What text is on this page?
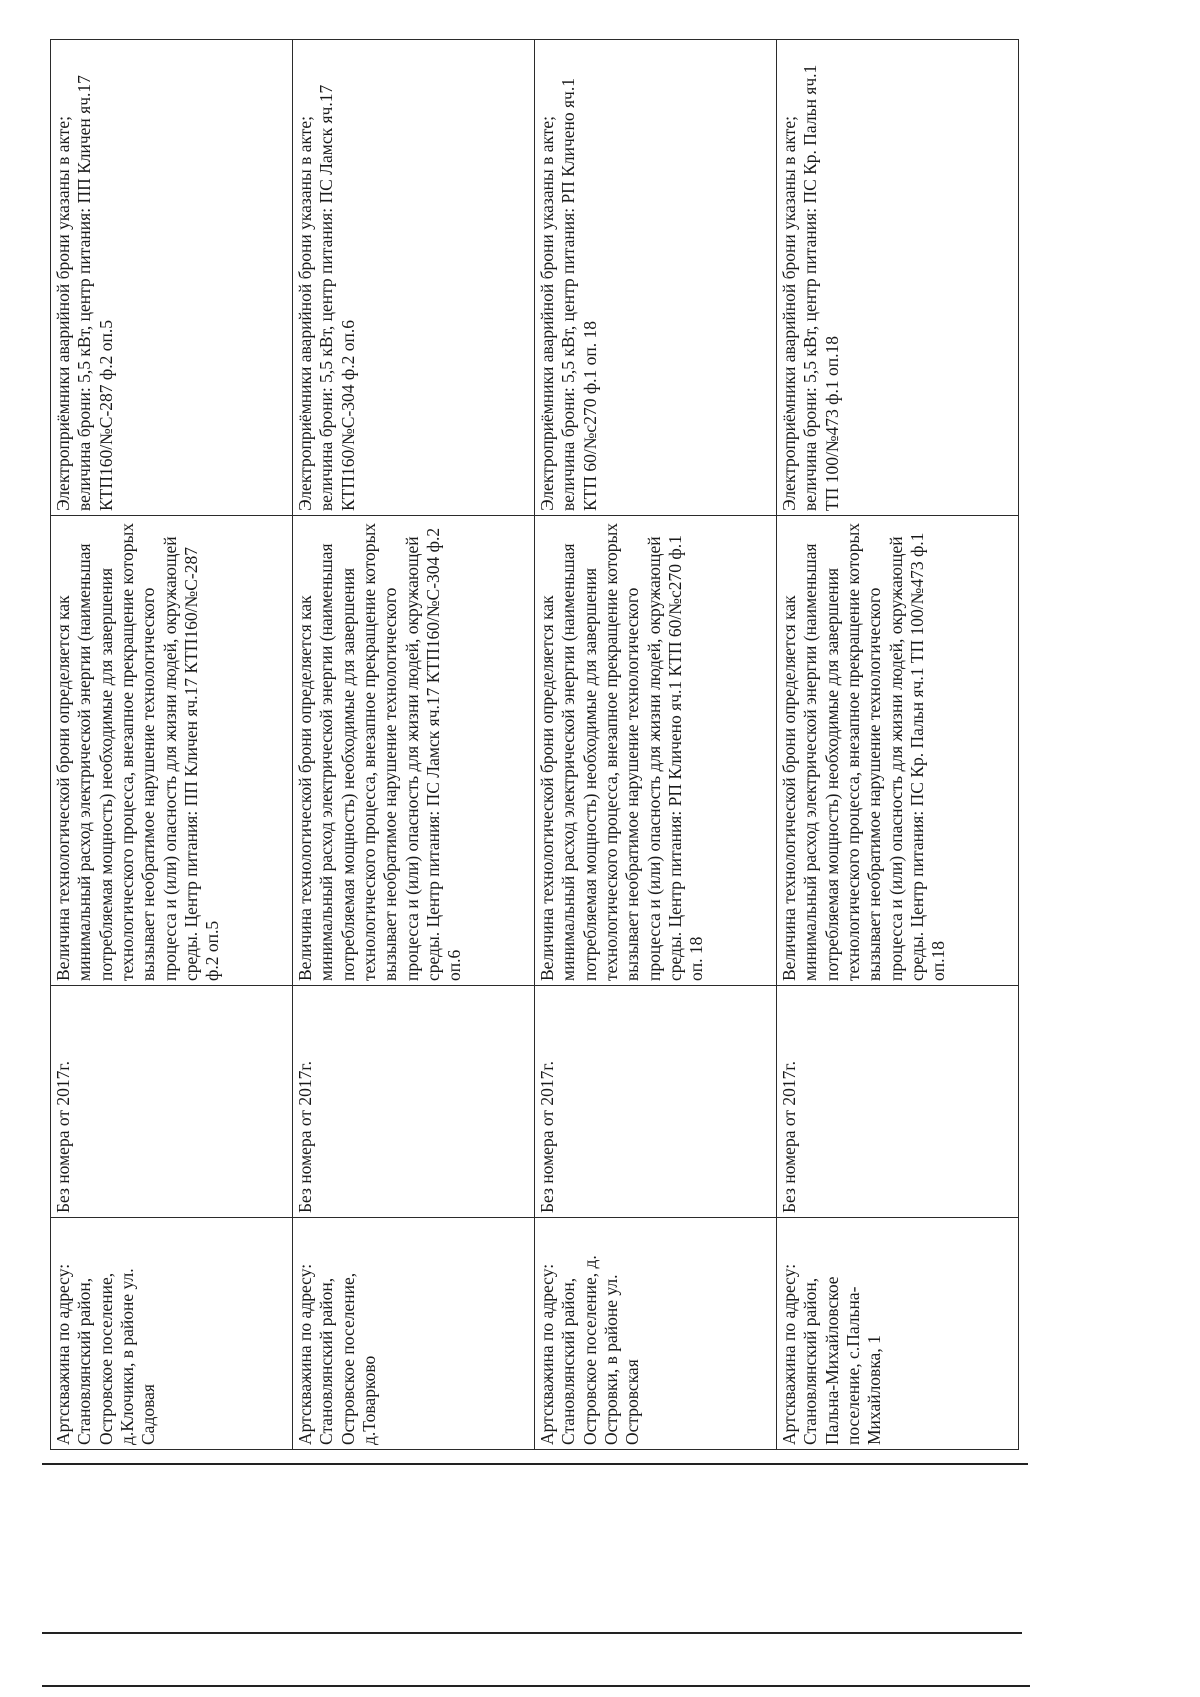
Артскважина по адресу: Становлянский район, Островское поселение, д.Клочики, в районе ул. Садовая	Без номера от 2017г.	Величина технологической брони определяется как минимальный расход электрической энергии (наименьшая потребляемая мощность) необходимые для завершения технологического процесса, внезапное прекращение которых вызывает необратимое нарушение технологического процесса и (или) опасность для жизни людей, окружающей среды. Центр питания: ПП Кличен яч.17 КТП160/№С-287 ф.2 оп.5	Электроприёмники аварийной брони указаны в акте; величина брони: 5,5 кВт, центр питания: ПП Кличен яч.17 КТП160/№С-287 ф.2 оп.5
Артскважина по адресу: Становлянский район, Островское поселение, д.Товарково	Без номера от 2017г.	Величина технологической брони определяется как минимальный расход электрической энергии (наименьшая потребляемая мощность) необходимые для завершения технологического процесса, внезапное прекращение которых вызывает необратимое нарушение технологического процесса и (или) опасность для жизни людей, окружающей среды. Центр питания: ПС Ламск яч.17 КТП160/№С-304 ф.2 оп.6	Электроприёмники аварийной брони указаны в акте; величина брони: 5,5 кВт, центр питания: ПС Ламск яч.17 КТП160/№С-304 ф.2 оп.6
Артскважина по адресу: Становлянский район, Островское поселение, д. Островки, в районе ул. Островская	Без номера от 2017г.	Величина технологической брони определяется как минимальный расход электрической энергии (наименьшая потребляемая мощность) необходимые для завершения технологического процесса, внезапное прекращение которых вызывает необратимое нарушение технологического процесса и (или) опасность для жизни людей, окружающей среды. Центр питания: РП Кличено яч.1 КТП 60/№с270 ф.1 оп. 18	Электроприёмники аварийной брони указаны в акте; величина брони: 5,5 кВт, центр питания: РП Кличено яч.1 КТП 60/№с270 ф.1 оп. 18
Артскважина по адресу: Становлянский район, Пальна-Михайловское поселение, с.Пальна-Михайловка, 1	Без номера от 2017г.	Величина технологической брони определяется как минимальный расход электрической энергии (наименьшая потребляемая мощность) необходимые для завершения технологического процесса, внезапное прекращение которых вызывает необратимое нарушение технологического процесса и (или) опасность для жизни людей, окружающей среды. Центр питания: ПС Кр. Пальн яч.1 ТП 100/№473 ф.1 оп.18	Электроприёмники аварийной брони указаны в акте; величина брони: 5,5 кВт, центр питания: ПС Кр. Пальн яч.1 ТП 100/№473 ф.1 оп.18
